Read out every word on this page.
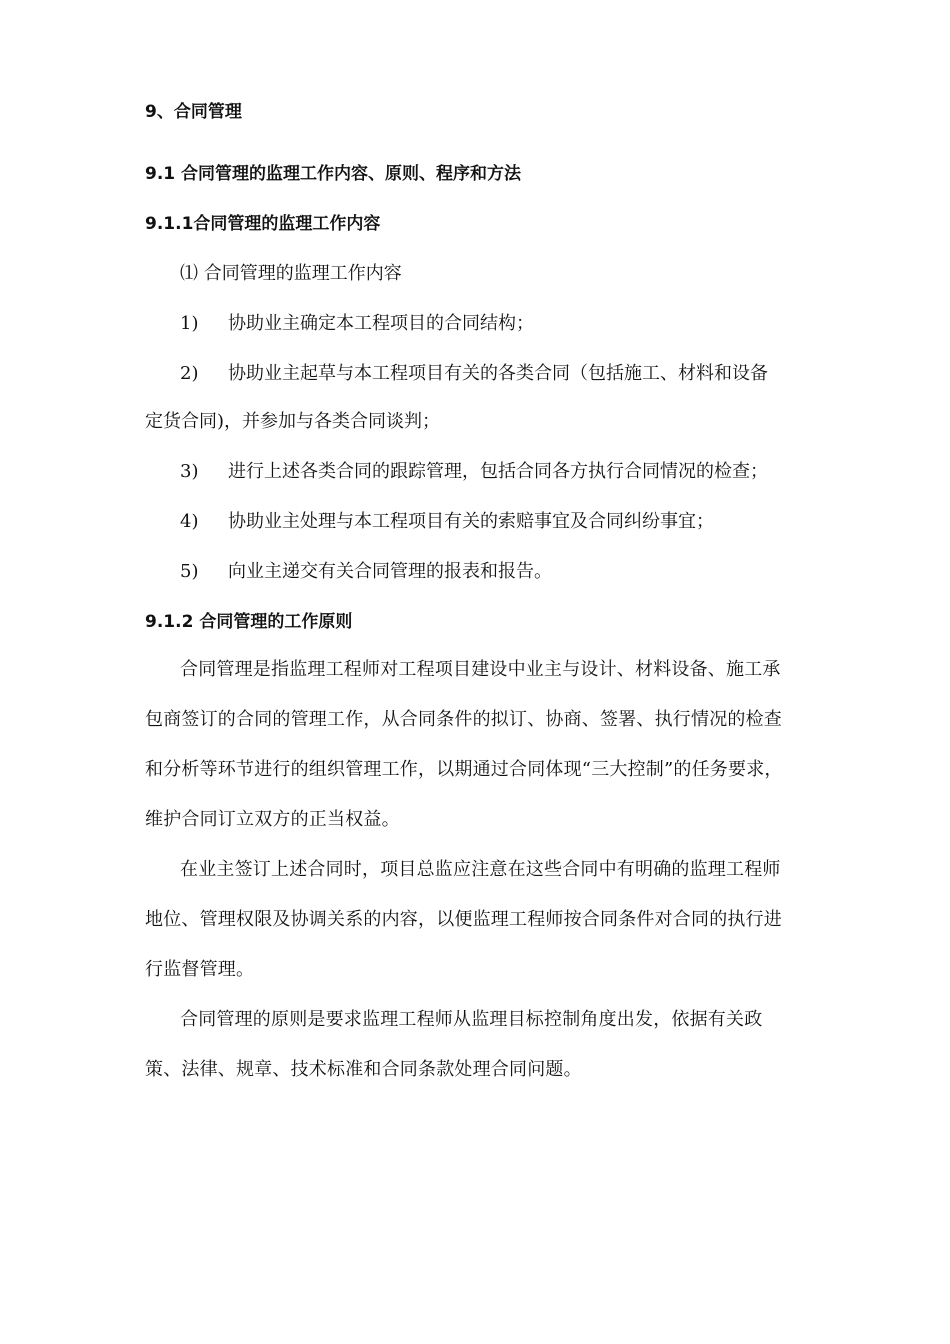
9、合同管理
9.1 合同管理的监理工作内容、原则、程序和方法
9.1.1合同管理的监理工作内容
⑴ 合同管理的监理工作内容
1) 协助业主确定本工程项目的合同结构；
2) 协助业主起草与本工程项目有关的各类合同（包括施工、材料和设备
定货合同)，并参加与各类合同谈判；
3) 进行上述各类合同的跟踪管理，包括合同各方执行合同情况的检查；
4) 协助业主处理与本工程项目有关的索赔事宜及合同纠纷事宜；
5) 向业主递交有关合同管理的报表和报告。
9.1.2 合同管理的工作原则
合同管理是指监理工程师对工程项目建设中业主与设计、材料设备、施工承
包商签订的合同的管理工作，从合同条件的拟订、协商、签署、执行情况的检查
和分析等环节进行的组织管理工作，以期通过合同体现“三大控制”的任务要求，
维护合同订立双方的正当权益。
在业主签订上述合同时，项目总监应注意在这些合同中有明确的监理工程师
地位、管理权限及协调关系的内容，以便监理工程师按合同条件对合同的执行进
行监督管理。
合同管理的原则是要求监理工程师从监理目标控制角度出发，依据有关政
策、法律、规章、技术标准和合同条款处理合同问题。
